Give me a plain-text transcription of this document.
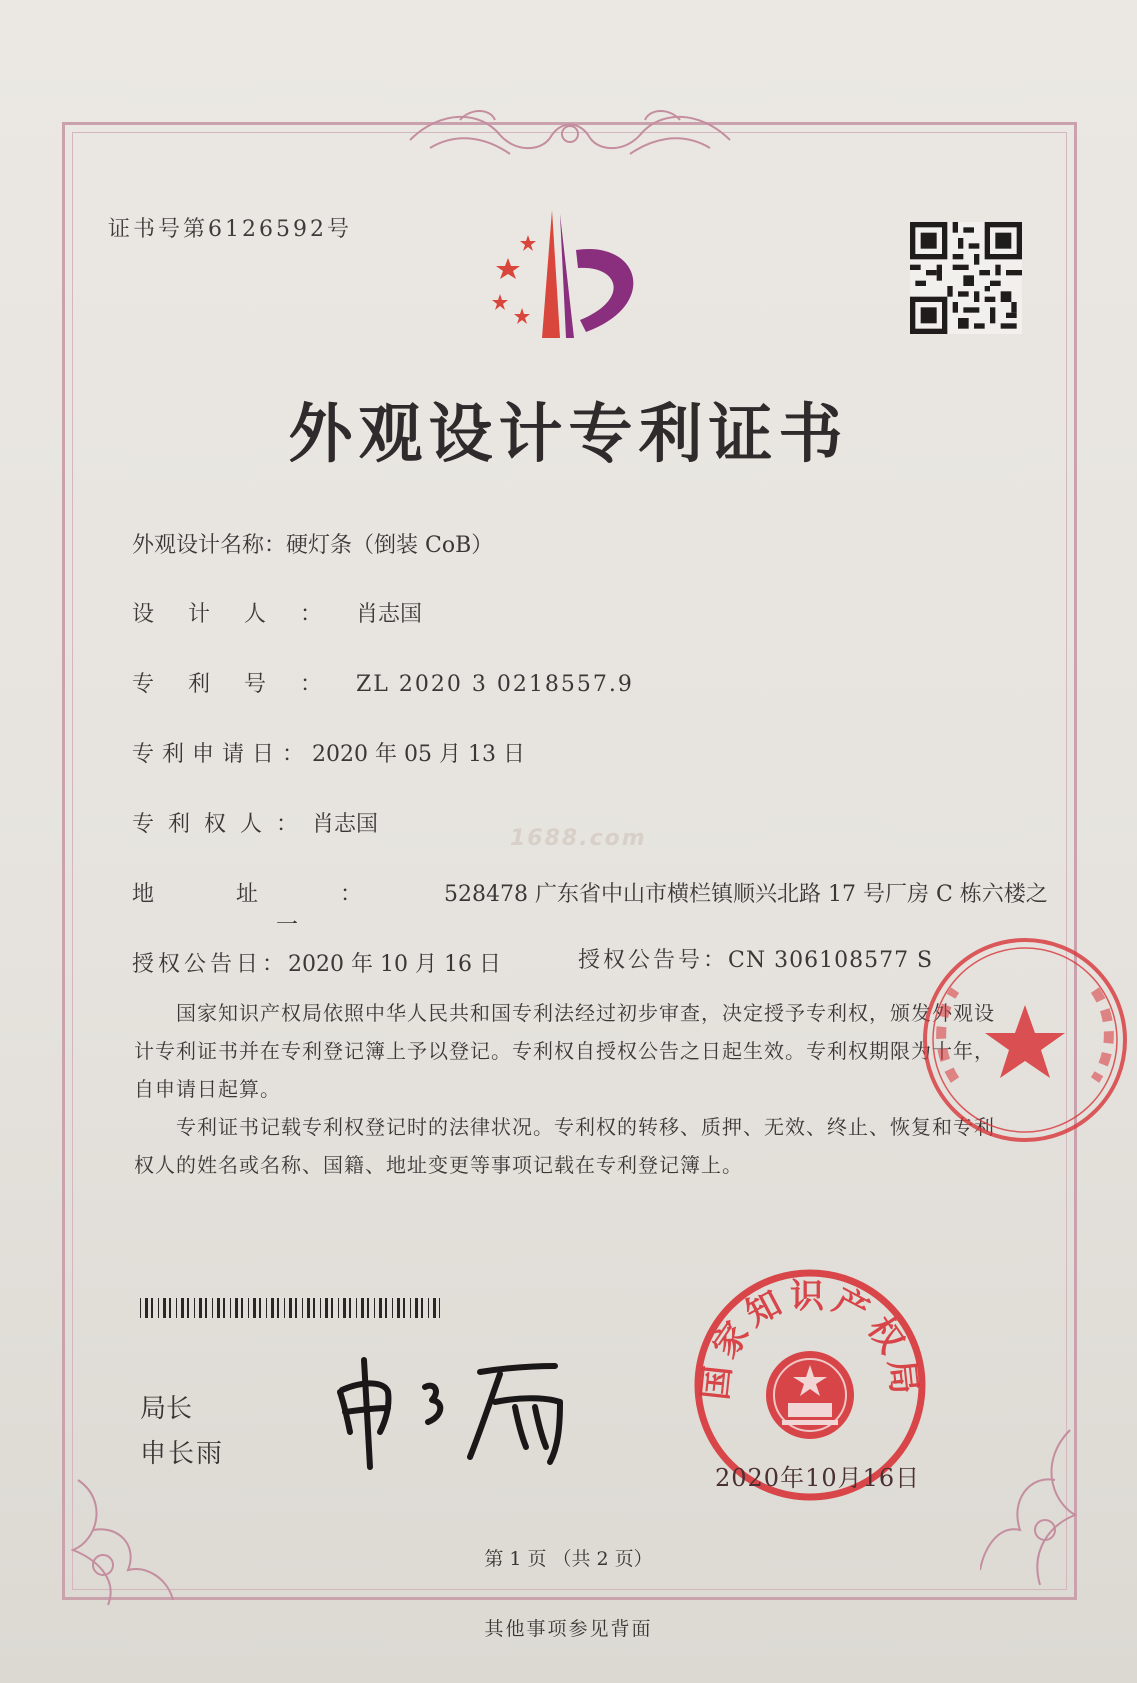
证书号第6126592号
外观设计专利证书
外观设计名称：硬灯条（倒装 CoB）
设计人：肖志国
专利号：ZL 2020 3 0218557.9
专利申请日：2020 年 05 月 13 日
专利权人：肖志国
1688.com
地址：528478 广东省中山市横栏镇顺兴北路 17 号厂房 C 栋六楼之
一
授权公告日：2020 年 10 月 16 日	授权公告号：CN 306108577 S
国家知识产权局依照中华人民共和国专利法经过初步审查，决定授予专利权，颁发外观设计专利证书并在专利登记簿上予以登记。专利权自授权公告之日起生效。专利权期限为十年，自申请日起算。
专利证书记载专利权登记时的法律状况。专利权的转移、质押、无效、终止、恢复和专利权人的姓名或名称、国籍、地址变更等事项记载在专利登记簿上。
局长
申长雨
国家知识产权局
2020年10月16日
第 1 页 （共 2 页）
其他事项参见背面
